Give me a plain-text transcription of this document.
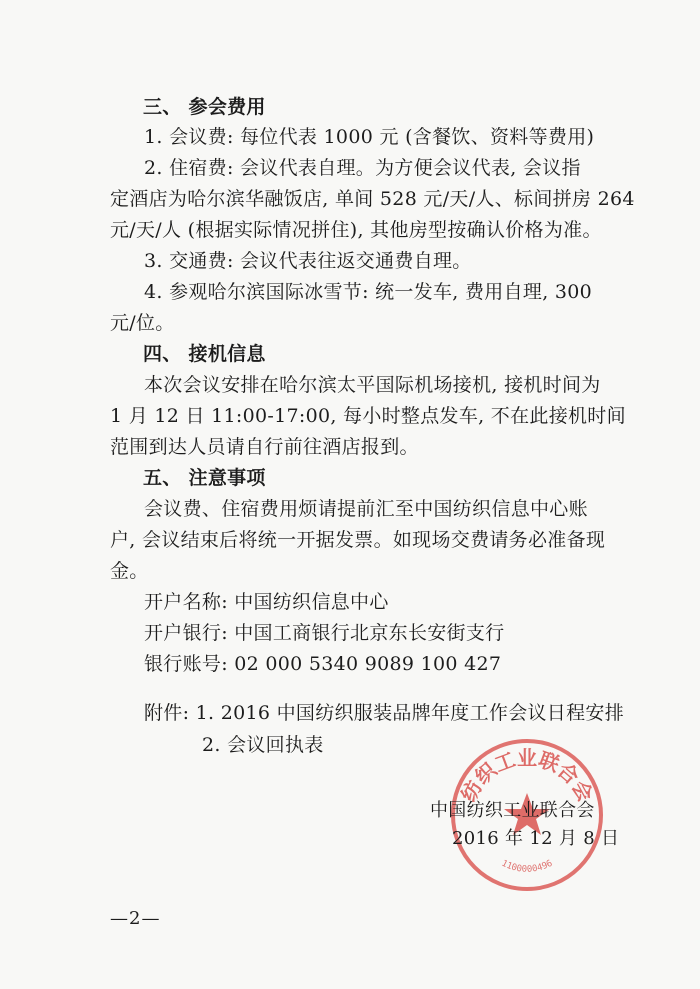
三、 参会费用
1. 会议费: 每位代表 1000 元 (含餐饮、资料等费用)
2. 住宿费: 会议代表自理。为方便会议代表, 会议指
定酒店为哈尔滨华融饭店, 单间 528 元/天/人、标间拼房 264
元/天/人 (根据实际情况拼住), 其他房型按确认价格为准。
3. 交通费: 会议代表往返交通费自理。
4. 参观哈尔滨国际冰雪节: 统一发车, 费用自理, 300
元/位。
四、 接机信息
本次会议安排在哈尔滨太平国际机场接机, 接机时间为
1 月 12 日 11:00-17:00, 每小时整点发车, 不在此接机时间
范围到达人员请自行前往酒店报到。
五、 注意事项
会议费、住宿费用烦请提前汇至中国纺织信息中心账
户, 会议结束后将统一开据发票。如现场交费请务必准备现
金。
开户名称: 中国纺织信息中心
开户银行: 中国工商银行北京东长安街支行
银行账号: 02 000 5340 9089 100 427
附件: 1. 2016 中国纺织服装品牌年度工作会议日程安排
2. 会议回执表
纺织工业联合会
1100000496
中国纺织工业联合会
2016 年 12 月 8 日
—2—
